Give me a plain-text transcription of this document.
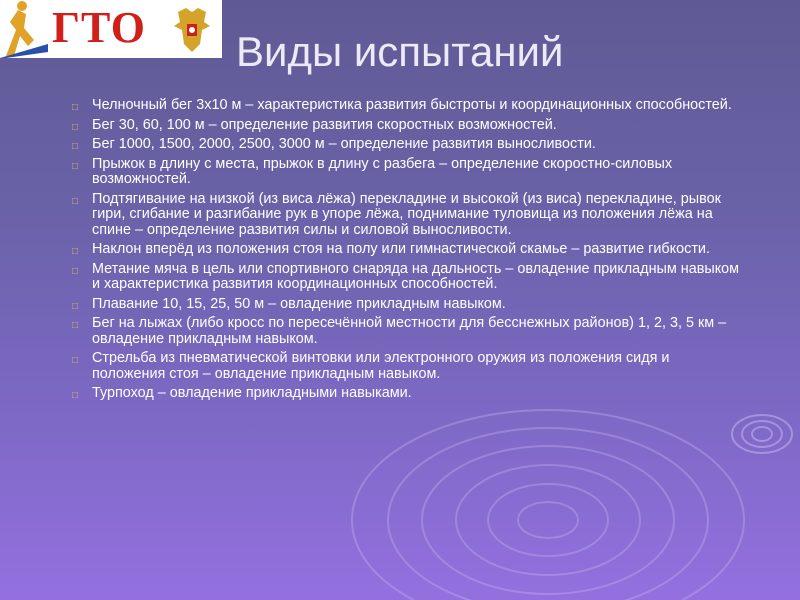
ГТО Виды испытаний
□ Челночный бег 3х10 м – характеристика развития быстроты и координационных способностей.
□ Бег 30, 60, 100 м – определение развития скоростных возможностей.
□ Бег 1000, 1500, 2000, 2500, 3000 м – определение развития выносливости.
□ Прыжок в длину с места, прыжок в длину с разбега – определение скоростно-силовых возможностей.
□ Подтягивание на низкой (из виса лёжа) перекладине и высокой (из виса) перекладине, рывок гири, сгибание и разгибание рук в упоре лёжа, поднимание туловища из положения лёжа на спине – определение развития силы и силовой выносливости.
□ Наклон вперёд из положения стоя на полу или гимнастической скамье – развитие гибкости.
□ Метание мяча в цель или спортивного снаряда на дальность – овладение прикладным навыком и характеристика развития координационных способностей.
□ Плавание 10, 15, 25, 50 м – овладение прикладным навыком.
□ Бег на лыжах (либо кросс по пересечённой местности для бесснежных районов) 1, 2, 3, 5 км – овладение прикладным навыком.
□ Стрельба из пневматической винтовки или электронного оружия из положения сидя и положения стоя – овладение прикладным навыком.
□ Турпоход – овладение прикладными навыками.
